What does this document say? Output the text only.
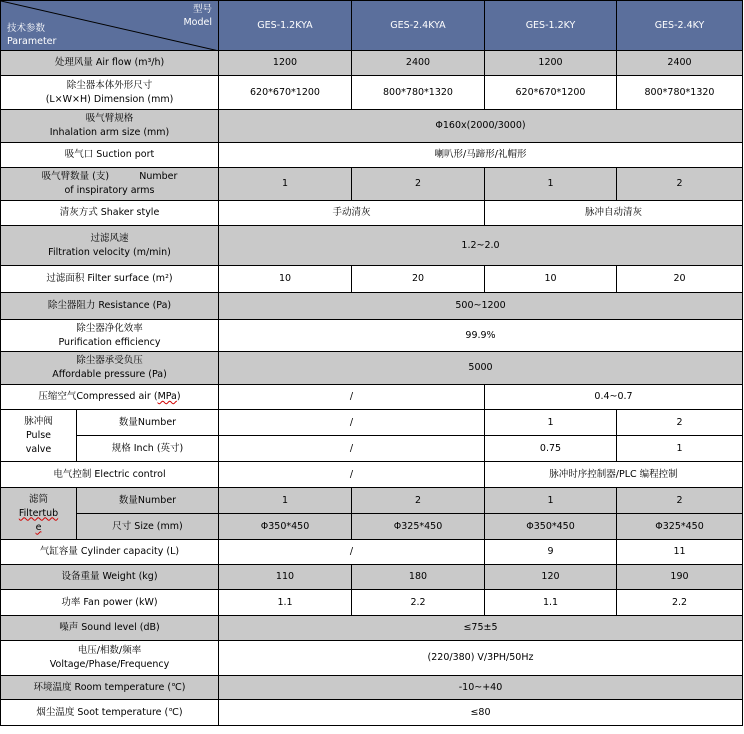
型号
Model
技术参数
Parameter		GES-1.2KYA	GES-2.4KYA	GES-1.2KY	GES-2.4KY
处理风量 Air flow (m³/h)		1200	2400	1200	2400

除尘器本体外形尺寸
(L×W×H) Dimension (mm)		620*670*1200	800*780*1320	620*670*1200	800*780*1320

吸气臂规格
Inhalation arm size (mm)		Φ160x(2000/3000)			
吸气口 Suction port		喇叭形/马蹄形/礼帽形			

吸气臂数量 (支) Number
of inspiratory arms		1	2	1	2
清灰方式 Shaker style		手动清灰		脉冲自动清灰	

过滤风速
Filtration velocity (m/min)		1.2~2.0			
过滤面积 Filter surface (m²)		10	20	10	20
除尘器阻力 Resistance (Pa)		500~1200			

除尘器净化效率
Purification efficiency		99.9%			

除尘器承受负压
Affordable pressure (Pa)		5000			
压缩空气Compressed air (MPa)		/		0.4~0.7	

脉冲阀
Pulse
valve	数量Number	/		1	2
	规格 Inch (英寸)	/		0.75	1
电气控制 Electric control		/		脉冲时序控制器/PLC 编程控制	

滤筒
Filtertub
e	数量Number	1	2	1	2
	尺寸 Size (mm)	Φ350*450	Φ325*450	Φ350*450	Φ325*450
气缸容量 Cylinder capacity (L)		/		9	11
设备重量 Weight (kg)		110	180	120	190
功率 Fan power (kW)		1.1	2.2	1.1	2.2
噪声 Sound level (dB)		≤75±5			

电压/相数/频率
Voltage/Phase/Frequency		(220/380) V/3PH/50Hz			
环境温度 Room temperature (℃)		-10~+40			
烟尘温度 Soot temperature (℃)		≤80			
